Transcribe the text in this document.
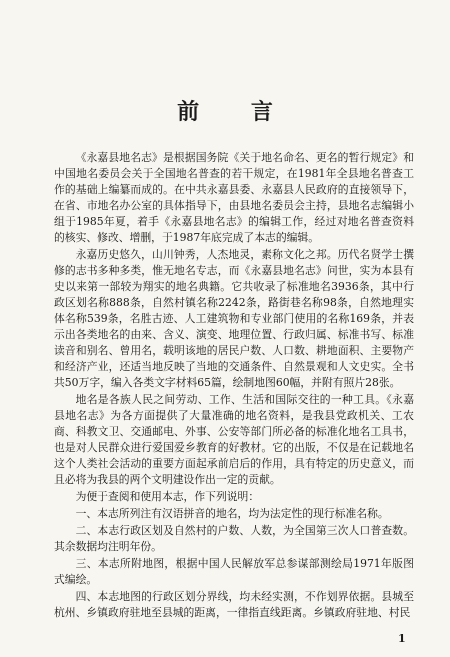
前 言

《永嘉县地名志》是根据国务院《关于地名命名、更名的暂行规定》和中国地名委员会关于全国地名普查的若干规定，在1981年全县地名普查工作的基础上编纂而成的。在中共永嘉县委、永嘉县人民政府的直接领导下，在省、市地名办公室的具体指导下，由县地名委员会主持，县地名志编辑小组于1985年夏，着手《永嘉县地名志》的编辑工作，经过对地名普查资料的核实、修改、增删，于1987年底完成了本志的编辑。

永嘉历史悠久，山川钟秀，人杰地灵，素称文化之邦。历代名贤学士撰修的志书多种多类，惟无地名专志，而《永嘉县地名志》问世，实为本县有史以来第一部较为翔实的地名典籍。它共收录了标准地名3936条，其中行政区划名称888条，自然村镇名称2242条，路街巷名称98条，自然地理实体名称539条，名胜古迹、人工建筑物和专业部门使用的名称169条，并表示出各类地名的由来、含义、演变、地理位置、行政归属、标准书写、标准读音和别名、曾用名，载明该地的居民户数、人口数、耕地面积、主要物产和经济产业，还适当地反映了当地的交通条件、自然景观和人文史实。全书共50万字，编入各类文字材料65篇，绘制地图60幅，并附有照片28张。

地名是各族人民之间劳动、工作、生活和国际交往的一种工具。《永嘉县地名志》为各方面提供了大量准确的地名资料，是我县党政机关、工农商、科教文卫、交通邮电、外事、公安等部门所必备的标准化地名工具书，也是对人民群众进行爱国爱乡教育的好教材。它的出版，不仅是在记载地名这个人类社会活动的重要方面起承前启后的作用，具有特定的历史意义，而且必将为我县的两个文明建设作出一定的贡献。

为便于查阅和使用本志，作下列说明：

一、本志所列注有汉语拼音的地名，均为法定性的现行标准名称。

二、本志行政区划及自然村的户数、人数，为全国第三次人口普查数。其余数据均注明年份。

三、本志所附地图，根据中国人民解放军总参谋部测绘局1971年版图式编绘。

四、本志地图的行政区划分界线，均未经实测，不作划界依据。县城至杭州、乡镇政府驻地至县城的距离，一律指直线距离。乡镇政府驻地、村民

1
